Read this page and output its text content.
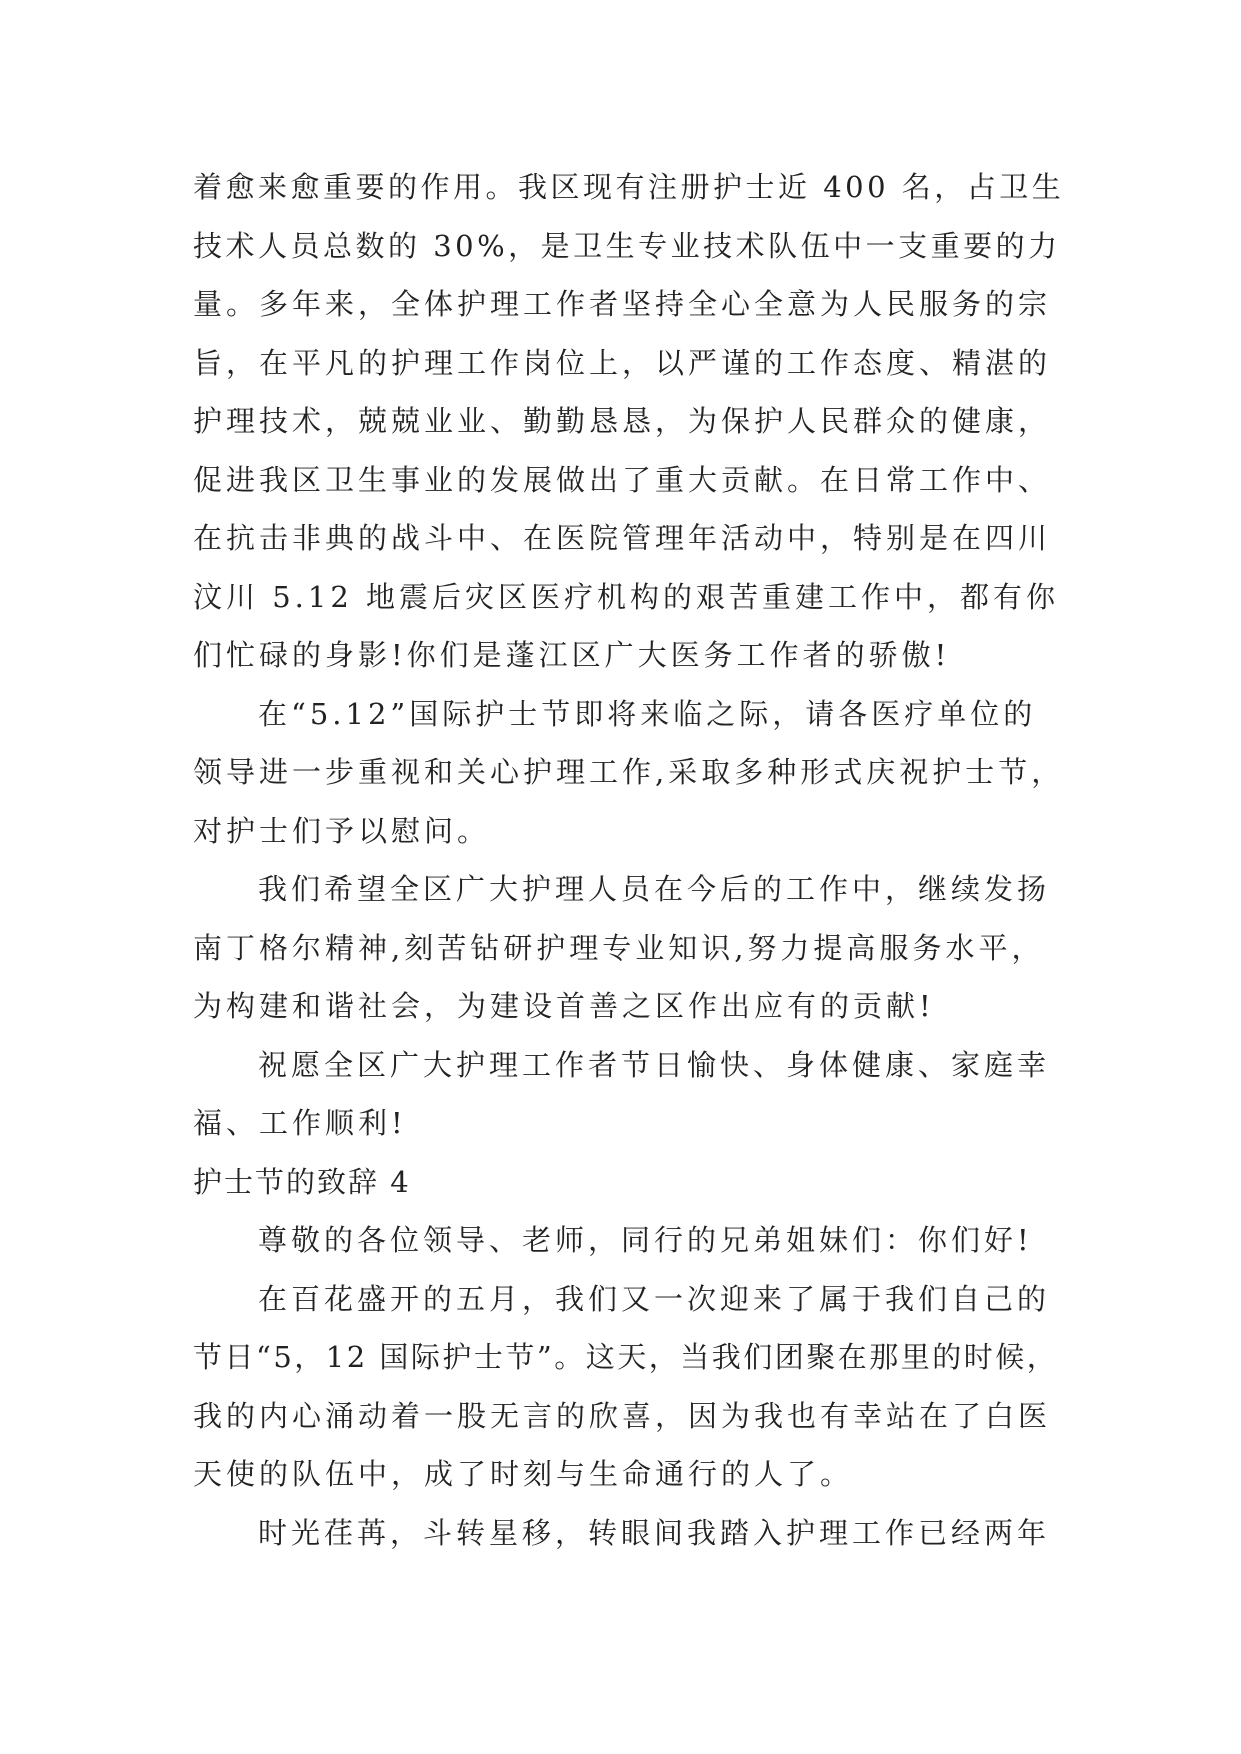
着愈来愈重要的作用。我区现有注册护士近 400 名，占卫生

技术人员总数的 30%，是卫生专业技术队伍中一支重要的力

量。多年来，全体护理工作者坚持全心全意为人民服务的宗

旨，在平凡的护理工作岗位上，以严谨的工作态度、精湛的

护理技术，兢兢业业、勤勤恳恳，为保护人民群众的健康，

促进我区卫生事业的发展做出了重大贡献。在日常工作中、

在抗击非典的战斗中、在医院管理年活动中，特别是在四川

汶川 5.12 地震后灾区医疗机构的艰苦重建工作中，都有你

们忙碌的身影!你们是蓬江区广大医务工作者的骄傲!

在“5.12”国际护士节即将来临之际，请各医疗单位的

领导进一步重视和关心护理工作,采取多种形式庆祝护士节，

对护士们予以慰问。

我们希望全区广大护理人员在今后的工作中，继续发扬

南丁格尔精神,刻苦钻研护理专业知识,努力提高服务水平，

为构建和谐社会，为建设首善之区作出应有的贡献!

祝愿全区广大护理工作者节日愉快、身体健康、家庭幸

福、工作顺利!

护士节的致辞 4

尊敬的各位领导、老师，同行的兄弟姐妹们：你们好!

在百花盛开的五月，我们又一次迎来了属于我们自己的

节日“5，12 国际护士节”。这天，当我们团聚在那里的时候，

我的内心涌动着一股无言的欣喜，因为我也有幸站在了白医

天使的队伍中，成了时刻与生命通行的人了。

时光荏苒，斗转星移，转眼间我踏入护理工作已经两年
